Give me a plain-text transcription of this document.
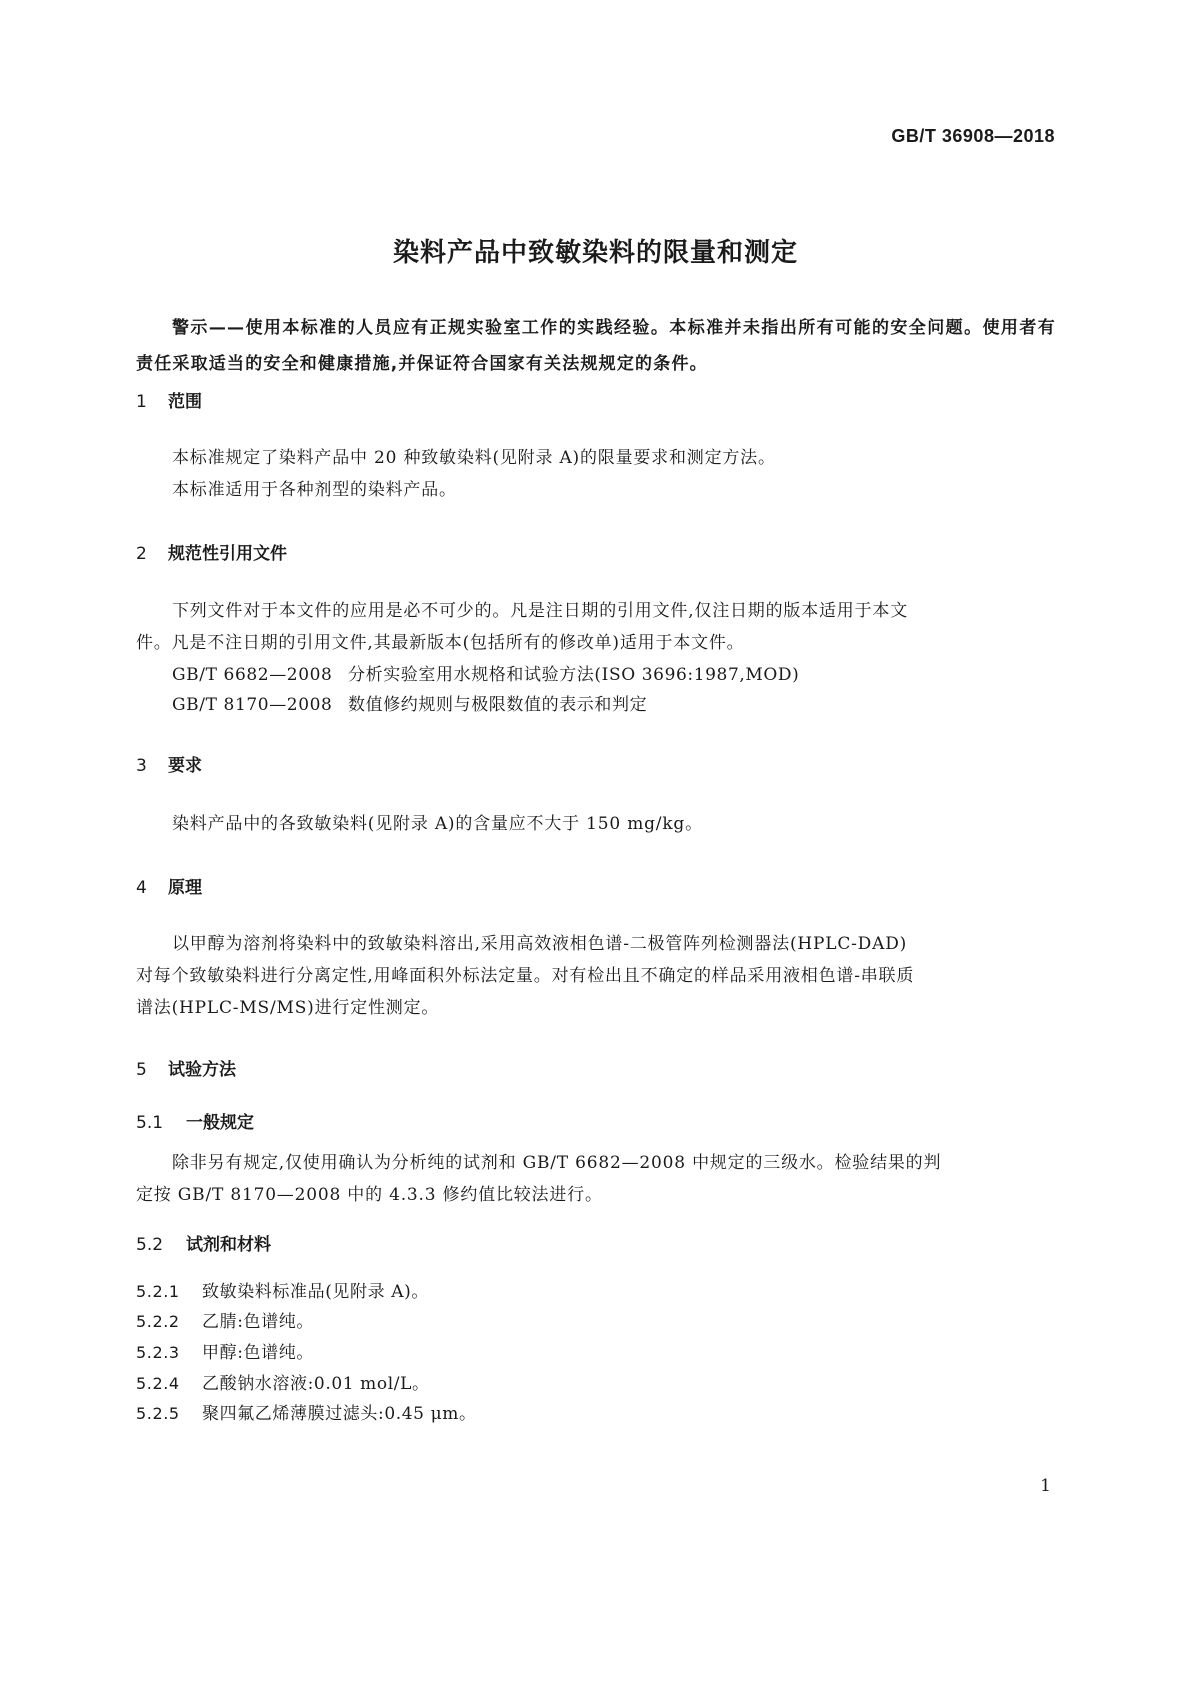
GB/T 36908—2018
染料产品中致敏染料的限量和测定
警示——使用本标准的人员应有正规实验室工作的实践经验。本标准并未指出所有可能的安全问题。使用者有责任采取适当的安全和健康措施,并保证符合国家有关法规规定的条件。
1 范围
本标准规定了染料产品中 20 种致敏染料(见附录 A)的限量要求和测定方法。
本标准适用于各种剂型的染料产品。
2 规范性引用文件
下列文件对于本文件的应用是必不可少的。凡是注日期的引用文件,仅注日期的版本适用于本文
件。凡是不注日期的引用文件,其最新版本(包括所有的修改单)适用于本文件。
GB/T 6682—2008 分析实验室用水规格和试验方法(ISO 3696:1987,MOD)
GB/T 8170—2008 数值修约规则与极限数值的表示和判定
3 要求
染料产品中的各致敏染料(见附录 A)的含量应不大于 150 mg/kg。
4 原理
以甲醇为溶剂将染料中的致敏染料溶出,采用高效液相色谱-二极管阵列检测器法(HPLC-DAD)
对每个致敏染料进行分离定性,用峰面积外标法定量。对有检出且不确定的样品采用液相色谱-串联质
谱法(HPLC-MS/MS)进行定性测定。
5 试验方法
5.1 一般规定
除非另有规定,仅使用确认为分析纯的试剂和 GB/T 6682—2008 中规定的三级水。检验结果的判
定按 GB/T 8170—2008 中的 4.3.3 修约值比较法进行。
5.2 试剂和材料
5.2.1 致敏染料标准品(见附录 A)。
5.2.2 乙腈:色谱纯。
5.2.3 甲醇:色谱纯。
5.2.4 乙酸钠水溶液:0.01 mol/L。
5.2.5 聚四氟乙烯薄膜过滤头:0.45 μm。
1
